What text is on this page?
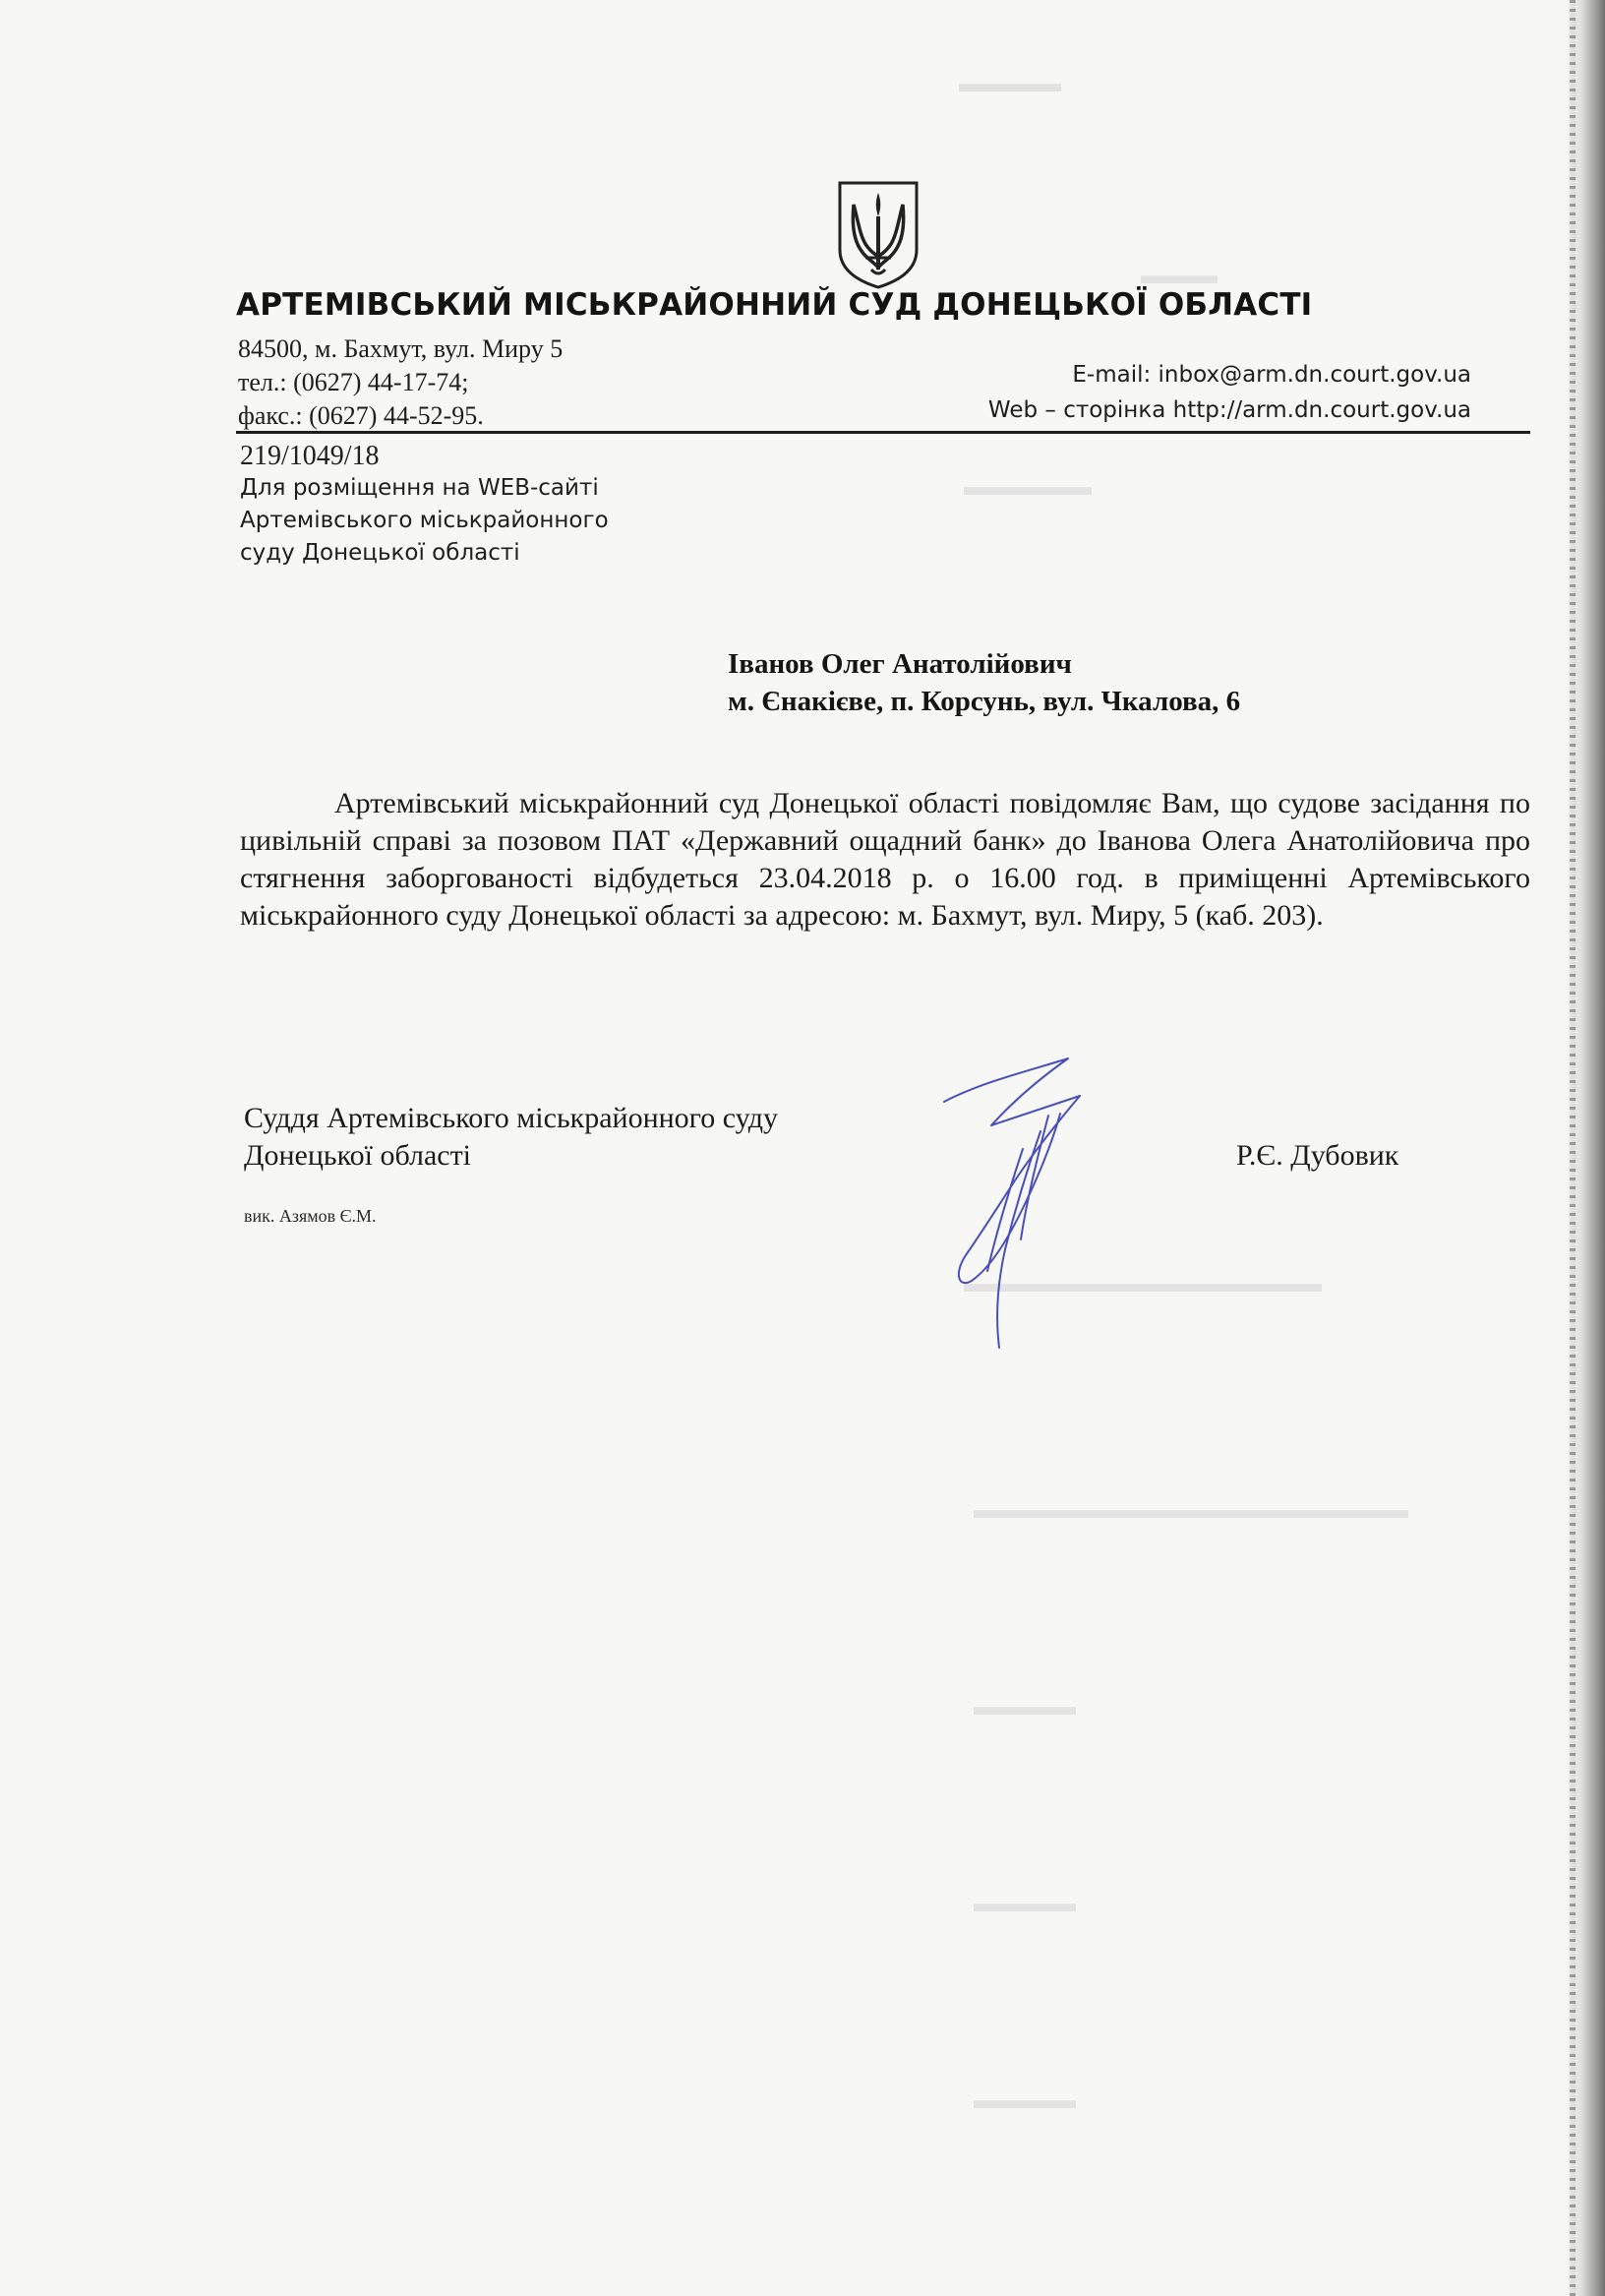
▬▬▬▬
▬▬▬
▬▬▬▬▬
▬▬▬▬▬▬▬▬▬▬▬▬▬▬
▬▬▬▬▬▬▬▬▬▬▬▬▬▬▬▬▬
▬▬▬▬
▬▬▬▬
▬▬▬▬
АРТЕМІВСЬКИЙ МІСЬКРАЙОННИЙ СУД ДОНЕЦЬКОЇ ОБЛАСТІ
84500, м. Бахмут, вул. Миру 5
тел.: (0627) 44-17-74;
факс.: (0627) 44-52-95.
E-mail: inbox@arm.dn.court.gov.ua
Web – сторінка http://arm.dn.court.gov.ua
219/1049/18
Для розміщення на WEB-сайті
Артемівського міськрайонного
суду Донецької області
Іванов Олег Анатолійович
м. Єнакієве, п. Корсунь, вул. Чкалова, 6
Артемівський міськрайонний суд Донецької області повідомляє Вам, що судове засідання по цивільній справі за позовом ПАТ «Державний ощадний банк» до Іванова Олега Анатолійовича про стягнення заборгованості відбудеться 23.04.2018 р. о 16.00 год. в приміщенні Артемівського міськрайонного суду Донецької області за адресою: м. Бахмут, вул. Миру, 5 (каб. 203).
Суддя Артемівського міськрайонного суду
Донецької області	Р.Є. Дубовик
вик. Азямов Є.М.
